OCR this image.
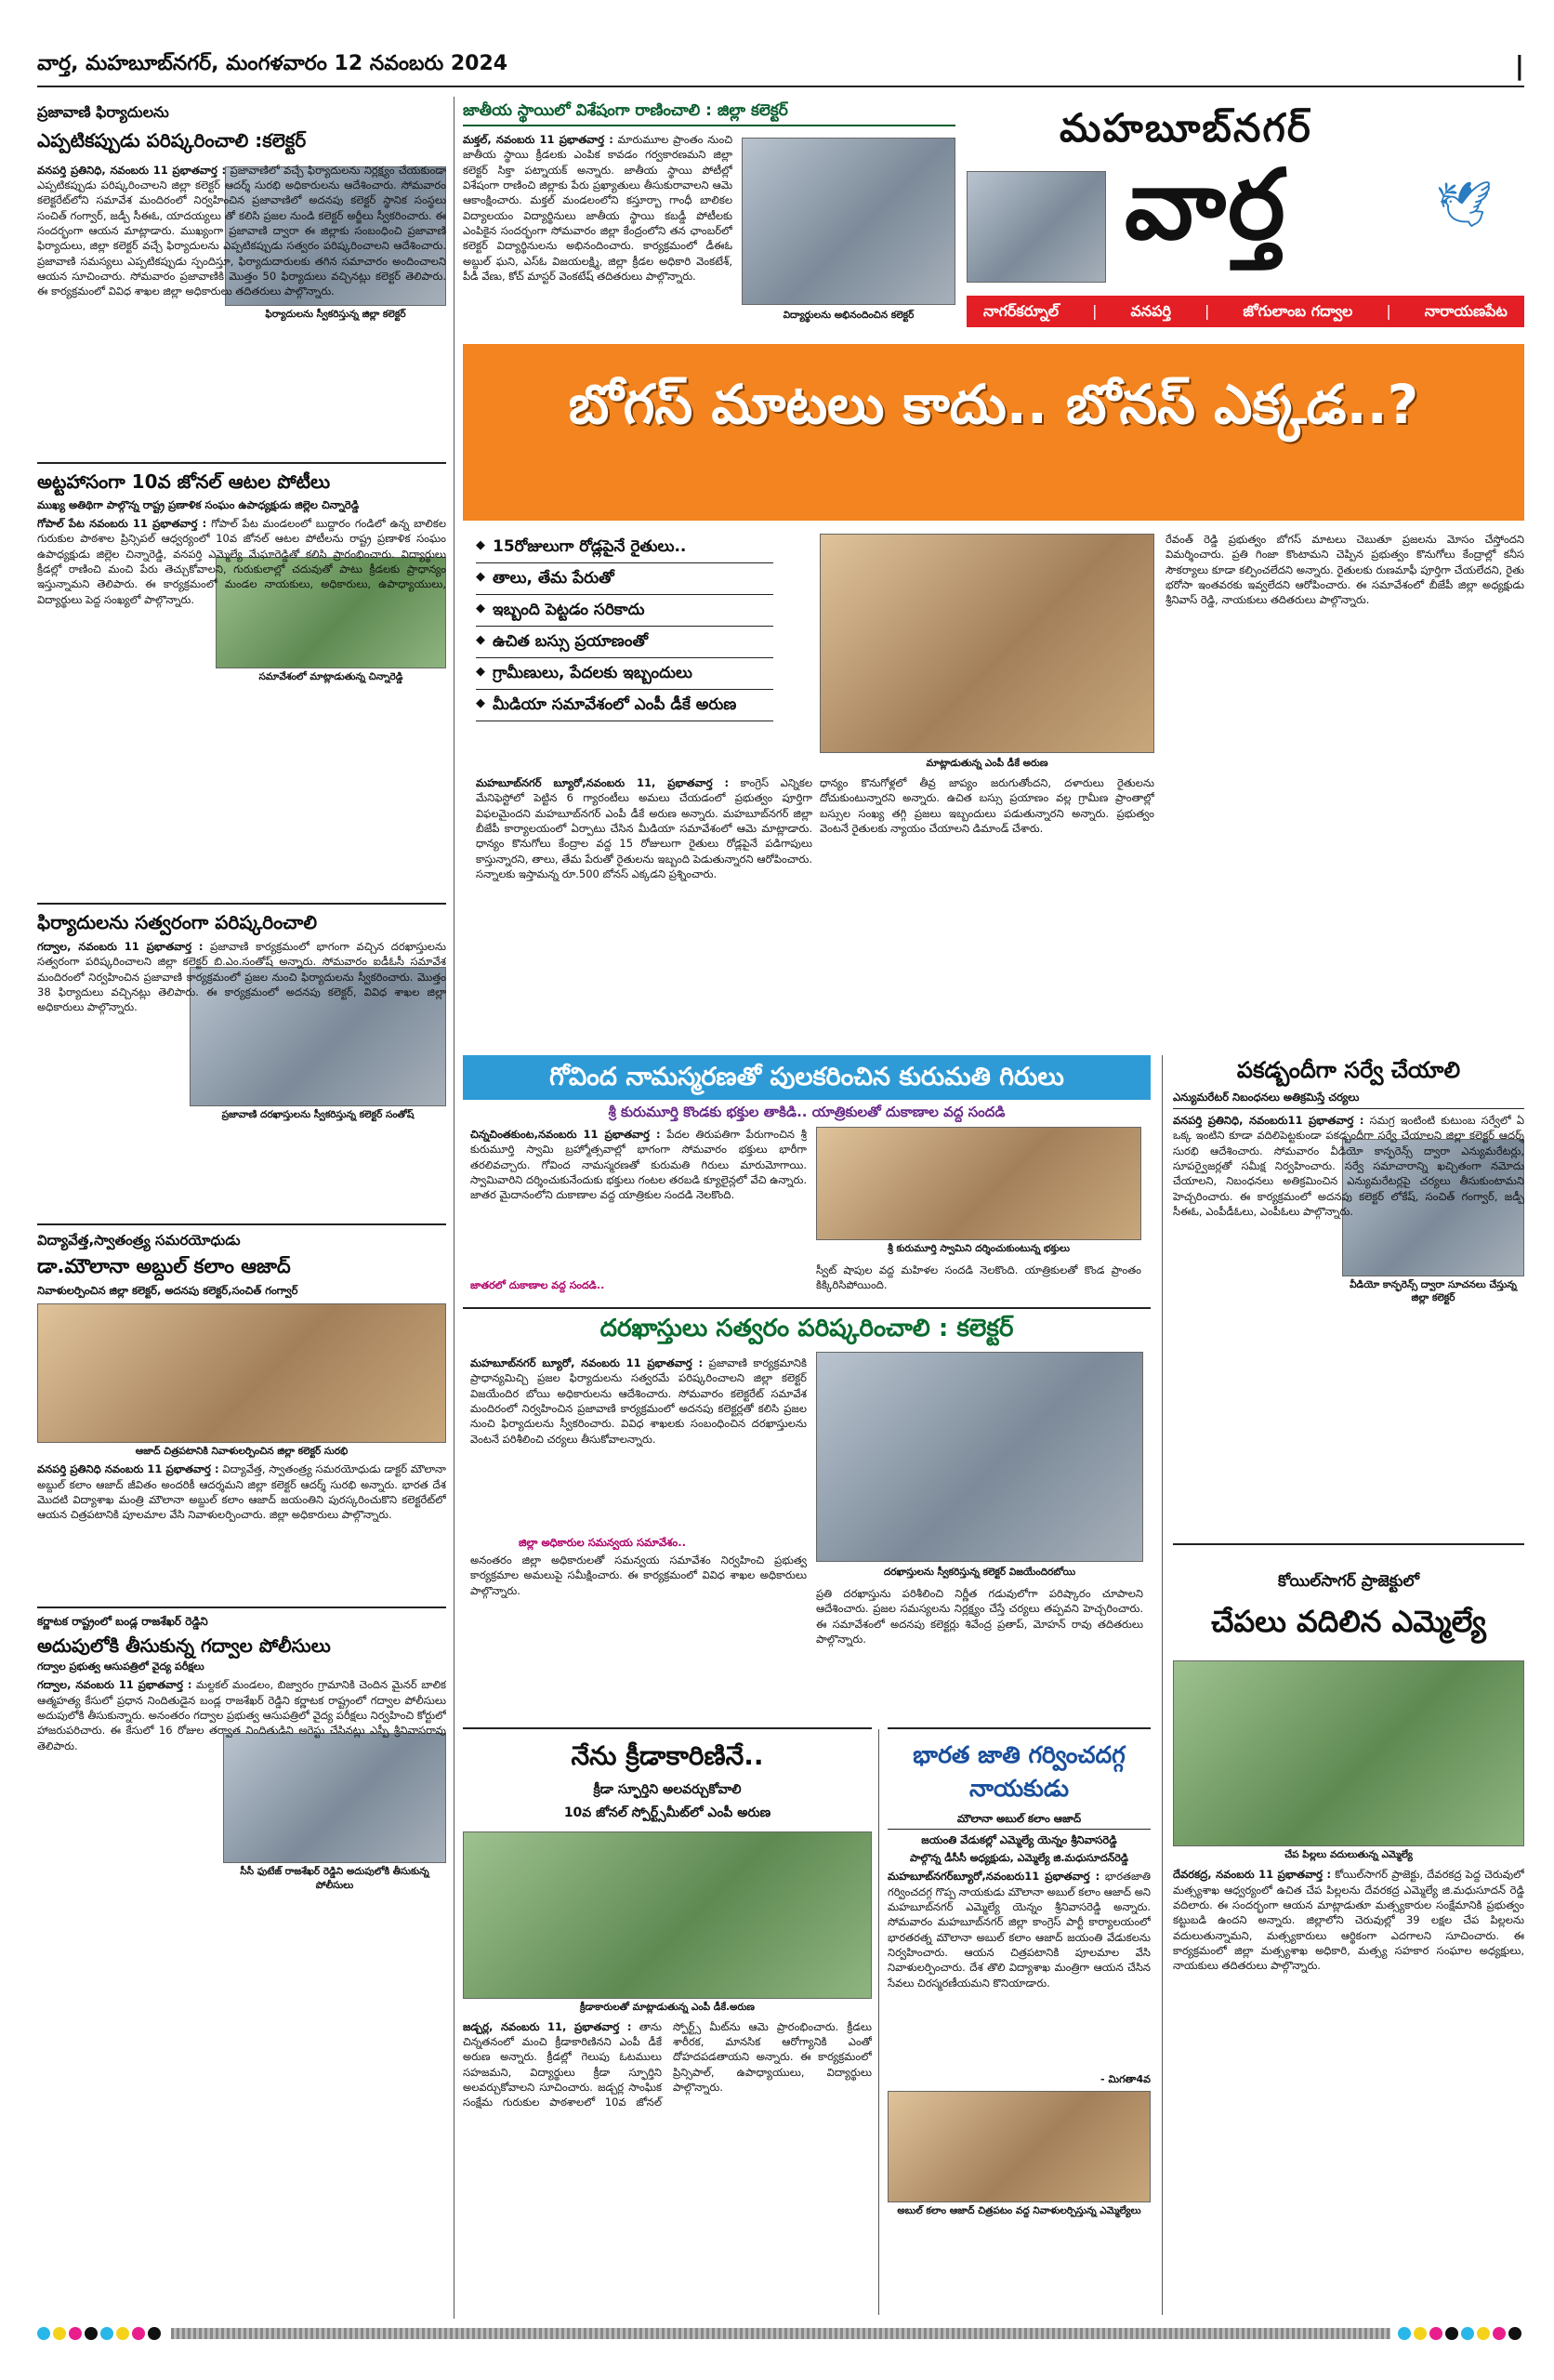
వార్త, మహబూబ్‌నగర్, మంగళవారం 12 నవంబరు 2024	|
ప్రజావాణి ఫిర్యాదులను
ఎప్పటికప్పుడు పరిష్కరించాలి :కలెక్టర్
ఫిర్యాదులను స్వీకరిస్తున్న జిల్లా కలెక్టర్
వనపర్తి ప్రతినిధి, నవంబరు 11 ప్రభాతవార్త : ప్రజావాణిలో వచ్చే ఫిర్యాదులను నిర్లక్ష్యం చేయకుండా ఎప్పటికప్పుడు పరిష్కరించాలని జిల్లా కలెక్టర్ ఆదర్శ్ సురభి అధికారులను ఆదేశించారు. సోమవారం కలెక్టరేట్‌లోని సమావేశ మందిరంలో నిర్వహించిన ప్రజావాణిలో అదనపు కలెక్టర్ స్థానిక సంస్థలు సంచిత్ గంగ్వార్, జడ్పీ సీఈఓ, యాదయ్యలు తో కలిసి ప్రజల నుండి కలెక్టర్ అర్జీలు స్వీకరించారు. ఈ సందర్భంగా ఆయన మాట్లాడారు. ముఖ్యంగా ప్రజావాణి ద్వారా ఈ జిల్లాకు సంబంధించి ప్రజావాణి ఫిర్యాదులు, జిల్లా కలెక్టర్ వచ్చే ఫిర్యాదులను ఎప్పటికప్పుడు సత్వరం పరిష్కరించాలని ఆదేశించారు. ప్రజావాణి సమస్యలు ఎప్పటికప్పుడు స్పందిస్తూ, ఫిర్యాదుదారులకు తగిన సమాచారం అందించాలని ఆయన సూచించారు. సోమవారం ప్రజావాణికి మొత్తం 50 ఫిర్యాదులు వచ్చినట్లు కలెక్టర్ తెలిపారు. ఈ కార్యక్రమంలో వివిధ శాఖల జిల్లా అధికారులు తదితరులు పాల్గొన్నారు.
అట్టహాసంగా 10వ జోనల్ ఆటల పోటీలు
ముఖ్య అతిథిగా పాల్గొన్న రాష్ట్ర ప్రణాళిక సంఘం ఉపాధ్యక్షుడు జిల్లెల చిన్నారెడ్డి
సమావేశంలో మాట్లాడుతున్న చిన్నారెడ్డి
గోపాల్ పేట నవంబరు 11 ప్రభాతవార్త : గోపాల్ పేట మండలంలో బుద్దారం గండిలో ఉన్న బాలికల గురుకుల పాఠశాల ప్రిన్సిపల్ ఆధ్వర్యంలో 10వ జోనల్ ఆటల పోటీలను రాష్ట్ర ప్రణాళిక సంఘం ఉపాధ్యక్షుడు జిల్లెల చిన్నారెడ్డి, వనపర్తి ఎమ్మెల్యే మేఘారెడ్డితో కలిసి ప్రారంభించారు. విద్యార్థులు క్రీడల్లో రాణించి మంచి పేరు తెచ్చుకోవాలని, గురుకులాల్లో చదువుతో పాటు క్రీడలకు ప్రాధాన్యం ఇస్తున్నామని తెలిపారు. ఈ కార్యక్రమంలో మండల నాయకులు, అధికారులు, ఉపాధ్యాయులు, విద్యార్థులు పెద్ద సంఖ్యలో పాల్గొన్నారు.
ఫిర్యాదులను సత్వరంగా పరిష్కరించాలి
ప్రజావాణి దరఖాస్తులను స్వీకరిస్తున్న కలెక్టర్ సంతోష్
గద్వాల, నవంబరు 11 ప్రభాతవార్త : ప్రజావాణి కార్యక్రమంలో భాగంగా వచ్చిన దరఖాస్తులను సత్వరంగా పరిష్కరించాలని జిల్లా కలెక్టర్ బి.ఎం.సంతోష్ అన్నారు. సోమవారం ఐడీఓసీ సమావేశ మందిరంలో నిర్వహించిన ప్రజావాణి కార్యక్రమంలో ప్రజల నుంచి ఫిర్యాదులను స్వీకరించారు. మొత్తం 38 ఫిర్యాదులు వచ్చినట్లు తెలిపారు. ఈ కార్యక్రమంలో అదనపు కలెక్టర్, వివిధ శాఖల జిల్లా అధికారులు పాల్గొన్నారు.
విద్యావేత్త,స్వాతంత్ర్య సమరయోధుడు
డా.మౌలానా అబ్దుల్ కలాం ఆజాద్
నివాళులర్పించిన జిల్లా కలెక్టర్, అదనపు కలెక్టర్,సంచిత్ గంగ్వార్
ఆజాద్ చిత్రపటానికి నివాళులర్పించిన జిల్లా కలెక్టర్ సురభి
వనపర్తి ప్రతినిధి నవంబరు 11 ప్రభాతవార్త : విద్యావేత్త, స్వాతంత్ర్య సమరయోధుడు డాక్టర్ మౌలానా అబ్దుల్ కలాం ఆజాద్ జీవితం అందరికీ ఆదర్శమని జిల్లా కలెక్టర్ ఆదర్శ్ సురభి అన్నారు. భారత దేశ మొదటి విద్యాశాఖ మంత్రి మౌలానా అబ్దుల్ కలాం ఆజాద్ జయంతిని పురస్కరించుకొని కలెక్టరేట్‌లో ఆయన చిత్రపటానికి పూలమాల వేసి నివాళులర్పించారు. జిల్లా అధికారులు పాల్గొన్నారు.
కర్ణాటక రాష్ట్రంలో బండ్ల రాజశేఖర్ రెడ్డిని
అదుపులోకి తీసుకున్న గద్వాల పోలీసులు
గద్వాల ప్రభుత్వ ఆసుపత్రిలో వైద్య పరీక్షలు
సీసీ ఫుటేజ్ రాజశేఖర్ రెడ్డిని అదుపులోకి తీసుకున్న పోలీసులు
గద్వాల, నవంబరు 11 ప్రభాతవార్త : మల్దకల్ మండలం, బిజ్వారం గ్రామానికి చెందిన మైనర్ బాలిక ఆత్మహత్య కేసులో ప్రధాన నిందితుడైన బండ్ల రాజశేఖర్ రెడ్డిని కర్ణాటక రాష్ట్రంలో గద్వాల పోలీసులు అదుపులోకి తీసుకున్నారు. అనంతరం గద్వాల ప్రభుత్వ ఆసుపత్రిలో వైద్య పరీక్షలు నిర్వహించి కోర్టులో హాజరుపరిచారు. ఈ కేసులో 16 రోజుల తర్వాత నిందితుడిని అరెస్టు చేసినట్లు ఎస్పీ శ్రీనివాసరావు తెలిపారు.
జాతీయ స్థాయిలో విశేషంగా రాణించాలి : జిల్లా కలెక్టర్
విద్యార్థులను అభినందించిన కలెక్టర్
మక్తల్, నవంబరు 11 ప్రభాతవార్త : మారుమూల ప్రాంతం నుంచి జాతీయ స్థాయి క్రీడలకు ఎంపిక కావడం గర్వకారణమని జిల్లా కలెక్టర్ సిక్తా పట్నాయక్ అన్నారు. జాతీయ స్థాయి పోటీల్లో విశేషంగా రాణించి జిల్లాకు పేరు ప్రఖ్యాతులు తీసుకురావాలని ఆమె ఆకాంక్షించారు. మక్తల్ మండలంలోని కస్తూర్బా గాంధీ బాలికల విద్యాలయం విద్యార్థినులు జాతీయ స్థాయి కబడ్డీ పోటీలకు ఎంపికైన సందర్భంగా సోమవారం జిల్లా కేంద్రంలోని తన ఛాంబర్‌లో కలెక్టర్ విద్యార్థినులను అభినందించారు. కార్యక్రమంలో డీఈఓ అబ్దుల్ ఘని, ఎస్ఓ విజయలక్ష్మి, జిల్లా క్రీడల అధికారి వెంకటేశ్, పీడీ వేణు, కోచ్ మాస్టర్ వెంకటేష్ తదితరులు పాల్గొన్నారు.
మహబూబ్‌నగర్
వార్త	🕊
నాగర్‌కర్నూల్ | వనపర్తి | జోగులాంబ గద్వాల | నారాయణపేట
బోగస్ మాటలు కాదు.. బోనస్ ఎక్కడ..?
◆ 15రోజులుగా రోడ్లపైనే రైతులు..
◆ తాలు, తేమ పేరుతో
◆ ఇబ్బంది పెట్టడం సరికాదు
◆ ఉచిత బస్సు ప్రయాణంతో
◆ గ్రామీణులు, పేదలకు ఇబ్బందులు
◆ మీడియా సమావేశంలో ఎంపీ డీకే అరుణ
మాట్లాడుతున్న ఎంపీ డీకే అరుణ
మహబూబ్‌నగర్ బ్యూరో,నవంబరు 11, ప్రభాతవార్త : కాంగ్రెస్ ఎన్నికల మేనిఫెస్టోలో పెట్టిన 6 గ్యారంటీలు అమలు చేయడంలో ప్రభుత్వం పూర్తిగా విఫలమైందని మహబూబ్‌నగర్ ఎంపీ డీకే అరుణ అన్నారు. మహబూబ్‌నగర్ జిల్లా బీజేపీ కార్యాలయంలో ఏర్పాటు చేసిన మీడియా సమావేశంలో ఆమె మాట్లాడారు. ధాన్యం కొనుగోలు కేంద్రాల వద్ద 15 రోజులుగా రైతులు రోడ్లపైనే పడిగాపులు కాస్తున్నారని, తాలు, తేమ పేరుతో రైతులను ఇబ్బంది పెడుతున్నారని ఆరోపించారు. సన్నాలకు ఇస్తామన్న రూ.500 బోనస్ ఎక్కడని ప్రశ్నించారు.
ధాన్యం కొనుగోళ్లలో తీవ్ర జాప్యం జరుగుతోందని, దళారులు రైతులను దోచుకుంటున్నారని అన్నారు. ఉచిత బస్సు ప్రయాణం వల్ల గ్రామీణ ప్రాంతాల్లో బస్సుల సంఖ్య తగ్గి ప్రజలు ఇబ్బందులు పడుతున్నారని అన్నారు. ప్రభుత్వం వెంటనే రైతులకు న్యాయం చేయాలని డిమాండ్ చేశారు.
రేవంత్ రెడ్డి ప్రభుత్వం బోగస్ మాటలు చెబుతూ ప్రజలను మోసం చేస్తోందని విమర్శించారు. ప్రతి గింజా కొంటామని చెప్పిన ప్రభుత్వం కొనుగోలు కేంద్రాల్లో కనీస సౌకర్యాలు కూడా కల్పించలేదని అన్నారు. రైతులకు రుణమాఫీ పూర్తిగా చేయలేదని, రైతు భరోసా ఇంతవరకు ఇవ్వలేదని ఆరోపించారు. ఈ సమావేశంలో బీజేపీ జిల్లా అధ్యక్షుడు శ్రీనివాస్ రెడ్డి, నాయకులు తదితరులు పాల్గొన్నారు.
గోవింద నామస్మరణతో పులకరించిన కురుమతి గిరులు
శ్రీ కురుమూర్తి కొండకు భక్తుల తాకిడి.. యాత్రికులతో దుకాణాల వద్ద సందడి
చిన్నచింతకుంట,నవంబరు 11 ప్రభాతవార్త : పేదల తిరుపతిగా పేరుగాంచిన శ్రీ కురుమూర్తి స్వామి బ్రహ్మోత్సవాల్లో భాగంగా సోమవారం భక్తులు భారీగా తరలివచ్చారు. గోవింద నామస్మరణతో కురుమతి గిరులు మారుమోగాయి. స్వామివారిని దర్శించుకునేందుకు భక్తులు గంటల తరబడి క్యూలైన్లలో వేచి ఉన్నారు. జాతర మైదానంలోని దుకాణాల వద్ద యాత్రికుల సందడి నెలకొంది.
శ్రీ కురుమూర్తి స్వామిని దర్శించుకుంటున్న భక్తులు
జాతరలో దుకాణాల వద్ద సందడి..
స్వీట్ షాపుల వద్ద మహిళల సందడి నెలకొంది. యాత్రికులతో కొండ ప్రాంతం కిక్కిరిసిపోయింది.
దరఖాస్తులు సత్వరం పరిష్కరించాలి : కలెక్టర్
మహబూబ్‌నగర్ బ్యూరో, నవంబరు 11 ప్రభాతవార్త : ప్రజావాణి కార్యక్రమానికి ప్రాధాన్యమిచ్చి ప్రజల ఫిర్యాదులను సత్వరమే పరిష్కరించాలని జిల్లా కలెక్టర్ విజయేందిర బోయి అధికారులను ఆదేశించారు. సోమవారం కలెక్టరేట్ సమావేశ మందిరంలో నిర్వహించిన ప్రజావాణి కార్యక్రమంలో అదనపు కలెక్టర్లతో కలిసి ప్రజల నుంచి ఫిర్యాదులను స్వీకరించారు. వివిధ శాఖలకు సంబంధించిన దరఖాస్తులను వెంటనే పరిశీలించి చర్యలు తీసుకోవాలన్నారు.
జిల్లా అధికారుల సమన్వయ సమావేశం..
అనంతరం జిల్లా అధికారులతో సమన్వయ సమావేశం నిర్వహించి ప్రభుత్వ కార్యక్రమాల అమలుపై సమీక్షించారు. ఈ కార్యక్రమంలో వివిధ శాఖల అధికారులు పాల్గొన్నారు.
దరఖాస్తులను స్వీకరిస్తున్న కలెక్టర్ విజయేందిరబోయి
ప్రతి దరఖాస్తును పరిశీలించి నిర్ణీత గడువులోగా పరిష్కారం చూపాలని ఆదేశించారు. ప్రజల సమస్యలను నిర్లక్ష్యం చేస్తే చర్యలు తప్పవని హెచ్చరించారు. ఈ సమావేశంలో అదనపు కలెక్టర్లు శివేంద్ర ప్రతాప్, మోహన్ రావు తదితరులు పాల్గొన్నారు.
నేను క్రీడాకారిణినే..
క్రీడా స్ఫూర్తిని అలవర్చుకోవాలి
10వ జోనల్ స్పోర్ట్స్‌మీట్‌లో ఎంపీ అరుణ
క్రీడాకారులతో మాట్లాడుతున్న ఎంపీ డీకే.అరుణ
జడ్చర్ల, నవంబరు 11, ప్రభాతవార్త : తాను చిన్నతనంలో మంచి క్రీడాకారిణినని ఎంపీ డీకే అరుణ అన్నారు. క్రీడల్లో గెలుపు ఓటములు సహజమని, విద్యార్థులు క్రీడా స్ఫూర్తిని అలవర్చుకోవాలని సూచించారు. జడ్చర్ల సాంఘిక సంక్షేమ గురుకుల పాఠశాలలో 10వ జోనల్ స్పోర్ట్స్ మీట్‌ను ఆమె ప్రారంభించారు. క్రీడలు శారీరక, మానసిక ఆరోగ్యానికి ఎంతో దోహదపడతాయని అన్నారు. ఈ కార్యక్రమంలో ప్రిన్సిపాల్, ఉపాధ్యాయులు, విద్యార్థులు పాల్గొన్నారు.
భారత జాతి గర్వించదగ్గ నాయకుడు
మౌలానా అబుల్ కలాం ఆజాద్
జయంతి వేడుకల్లో ఎమ్మెల్యే యెన్నం శ్రీనివాసరెడ్డి
పాల్గొన్న డీసీసీ అధ్యక్షుడు, ఎమ్మెల్యే జి.మధుసూదన్‌రెడ్డి
మహబూబ్‌నగర్‌బ్యూరో,నవంబరు11 ప్రభాతవార్త : భారతజాతి గర్వించదగ్గ గొప్ప నాయకుడు మౌలానా అబుల్ కలాం ఆజాద్ అని మహబూబ్‌నగర్ ఎమ్మెల్యే యెన్నం శ్రీనివాసరెడ్డి అన్నారు. సోమవారం మహబూబ్‌నగర్ జిల్లా కాంగ్రెస్ పార్టీ కార్యాలయంలో భారతరత్న మౌలానా అబుల్ కలాం ఆజాద్ జయంతి వేడుకలను నిర్వహించారు. ఆయన చిత్రపటానికి పూలమాల వేసి నివాళులర్పించారు. దేశ తొలి విద్యాశాఖ మంత్రిగా ఆయన చేసిన సేవలు చిరస్మరణీయమని కొనియాడారు.
- మిగతా4వ
అబుల్ కలాం ఆజాద్ చిత్రపటం వద్ద నివాళులర్పిస్తున్న ఎమ్మెల్యేలు
పకడ్బందీగా సర్వే చేయాలి
ఎన్యుమరేటర్ నిబంధనలు అతిక్రమిస్తే చర్యలు
వీడియో కాన్ఫరెన్స్ ద్వారా సూచనలు చేస్తున్న జిల్లా కలెక్టర్
వనపర్తి ప్రతినిధి, నవంబరు11 ప్రభాతవార్త : సమగ్ర ఇంటింటి కుటుంబ సర్వేలో ఏ ఒక్క ఇంటిని కూడా వదిలిపెట్టకుండా పకడ్బందీగా సర్వే చేయాలని జిల్లా కలెక్టర్ ఆదర్శ్ సురభి ఆదేశించారు. సోమవారం వీడియో కాన్ఫరెన్స్ ద్వారా ఎన్యుమరేటర్లు, సూపర్వైజర్లతో సమీక్ష నిర్వహించారు. సర్వే సమాచారాన్ని ఖచ్చితంగా నమోదు చేయాలని, నిబంధనలు అతిక్రమించిన ఎన్యుమరేటర్లపై చర్యలు తీసుకుంటామని హెచ్చరించారు. ఈ కార్యక్రమంలో అదనపు కలెక్టర్ లోకేష్, సంచిత్ గంగ్వార్, జడ్పీ సీఈఓ, ఎంపీడీఓలు, ఎంపీఓలు పాల్గొన్నారు.
కోయిల్‌సాగర్ ప్రాజెక్టులో
చేపలు వదిలిన ఎమ్మెల్యే
చేప పిల్లలు వదులుతున్న ఎమ్మెల్యే
దేవరకద్ర, నవంబరు 11 ప్రభాతవార్త : కోయిల్‌సాగర్ ప్రాజెక్టు, దేవరకద్ర పెద్ద చెరువులో మత్స్యశాఖ ఆధ్వర్యంలో ఉచిత చేప పిల్లలను దేవరకద్ర ఎమ్మెల్యే జి.మధుసూదన్ రెడ్డి వదిలారు. ఈ సందర్భంగా ఆయన మాట్లాడుతూ మత్స్యకారుల సంక్షేమానికి ప్రభుత్వం కట్టుబడి ఉందని అన్నారు. జిల్లాలోని చెరువుల్లో 39 లక్షల చేప పిల్లలను వదులుతున్నామని, మత్స్యకారులు ఆర్థికంగా ఎదగాలని సూచించారు. ఈ కార్యక్రమంలో జిల్లా మత్స్యశాఖ అధికారి, మత్స్య సహకార సంఘాల అధ్యక్షులు, నాయకులు తదితరులు పాల్గొన్నారు.
